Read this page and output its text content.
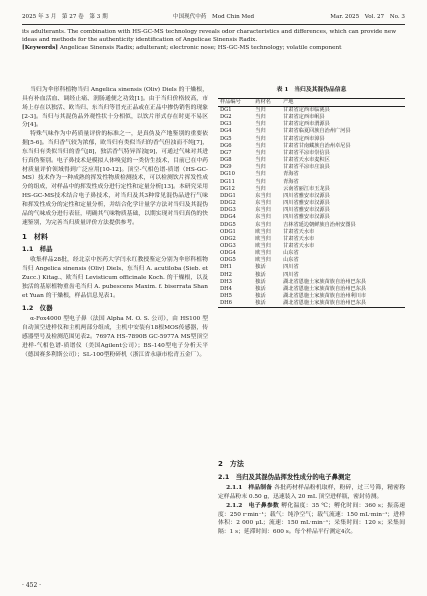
2025 年 3 月　第 27 卷　第 3 期	中国现代中药　Mod Chin Med	Mar. 2025　Vol. 27　No. 3

its adulterants. The combination with HS-GC-MS technology reveals odor characteristics and differences, which can provide new ideas and methods for the authenticity identification of Angelicae Sinensis Radix.

[Keywords] Angelicae Sinensis Radix; adulterant; electronic nose; HS-GC-MS technology; volatile component

当归为伞形科植物当归 Angelica sinensis (Oliv) Diels 的干燥根，具有补血活血、调经止痛、润肠通便之功效[1]。由于当归价格较高，市场上存在以独活、欧当归、东当归等冒充正品或在正品中掺伪销售的现象[2-3]。当归与其混伪品外观性状十分相似，以饮片形式存在时更不易区分[4]。

特殊气味作为中药质量评价的标准之一，是真伪及产地鉴别的重要依据[5-6]。当归香气较为浓郁，欧当归有类似当归的香气但浊而不纯[7]，东当归有类似当归的香气[8]，独活香气特异浑浊[9]，可通过气味对其进行真伪鉴别。电子鼻技术是模拟人体嗅觉的一类仿生技术，目前已在中药材质量评价领域得到广泛应用[10-12]。顶空-气相色谱-质谱（HS-GC-MS）技术作为一种成熟的挥发性物质检测技术，可以检测饮片挥发性成分的组成，对样品中的挥发性成分进行定性和定量分析[13]。本研究采用HS-GC-MS技术结合电子鼻技术，对当归及其3种常见混伪品进行气味和挥发性成分的定性和定量分析，并结合化学计量学方法对当归及其混伪品的气味成分进行表征，明确其气味物质基础，以期实现对当归真伪的快速鉴别，为完善当归质量评价方法提供参考。

1　材料
1.1　样品

收集样品28批，经北京中医药大学闫永红教授鉴定分别为伞形科植物当归 Angelica sinensis (Oliv) Diels、东当归 A. acutiloba (Sieb. et Zucc.) Kitag.、欧当归 Levisticum officinale Koch. 的干燥根，以及独活的基原植物重齿毛当归 A. pubescens Maxim. f. biserrata Shan et Yuan 的干燥根，样品信息见表1。

1.2　仪器

α-Fox4000 型电子鼻（法国 Alpha M. O. S. 公司），由 HS100 型自动顶空进样仪和主机两部分组成，主机中安装有18根MOS传感器，传感器型号及检测范围见表2。7697A HS-7890B GC-5977A MS型顶空进样-气相色谱-质谱仪（美国Agilent公司）；BS-140型电子分析天平（德国赛多利斯公司）；SL-100型粉碎机（浙江省永康市松青五金厂）。

表 1　当归及其混伪品信息
样品编号	药材名	产地
DG1	当归	甘肃省定西市临洮县
DG2	当归	甘肃省定西市岷县
DG3	当归	甘肃省定西市渭源县
DG4	当归	甘肃省临夏回族自治州广河县
DG5	当归	甘肃省定西市漳县
DG6	当归	甘肃省甘南藏族自治州卓尼县
DG7	当归	甘肃省平凉市崇信县
DG8	当归	甘肃省天水市麦积区
DG9	当归	甘肃省平凉市庄浪县
DG10	当归	青海省
DG11	当归	青海省
DG12	当归	云南省丽江市玉龙县
DDG1	东当归	四川省雅安市汉源县
DDG2	东当归	四川省雅安市汉源县
DDG3	东当归	四川省雅安市汉源县
DDG4	东当归	四川省雅安市汉源县
DDG5	东当归	吉林省延边朝鲜族自治州安图县
ODG1	欧当归	甘肃省天水市
ODG2	欧当归	甘肃省天水市
ODG3	欧当归	甘肃省天水市
ODG4	欧当归	山东省
ODG5	欧当归	山东省
DH1	独活	四川省
DH2	独活	四川省
DH3	独活	湖北省恩施土家族苗族自治州巴东县
DH4	独活	湖北省恩施土家族苗族自治州巴东县
DH5	独活	湖北省恩施土家族苗族自治州利川市
DH6	独活	湖北省恩施土家族苗族自治州巴东县
2　方法
2.1　当归及其混伪品挥发性成分的电子鼻测定

2.1.1　样品制备 各批药材样品粉机取样，粉碎，过三号筛，精密称定样品粉末 0.50 g，迅速装入 20 mL 顶空进样瓶，密封待测。

2.1.2　电子鼻参数 孵化温度：35 ℃；孵化时间：360 s；振荡速度：250 r·min⁻¹；载气：纯净空气；载气流速：150 mL·min⁻¹；进样体积：2 000 μL；流速：150 mL·min⁻¹；采集时间：120 s；采集间隔：1 s；延滞时间：600 s。每个样品平行测定4次。

· 452 ·
